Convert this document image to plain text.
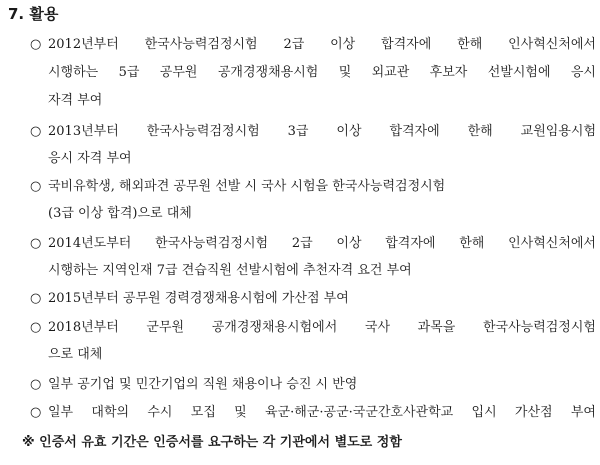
7. 활용
○ 2012년부터 한국사능력검정시험 2급 이상 합격자에 한해 인사혁신처에서
시행하는 5급 공무원 공개경쟁채용시험 및 외교관 후보자 선발시험에 응시
자격 부여
○ 2013년부터 한국사능력검정시험 3급 이상 합격자에 한해 교원임용시험
응시 자격 부여
○ 국비유학생, 해외파견 공무원 선발 시 국사 시험을 한국사능력검정시험
(3급 이상 합격)으로 대체
○ 2014년도부터 한국사능력검정시험 2급 이상 합격자에 한해 인사혁신처에서
시행하는 지역인재 7급 견습직원 선발시험에 추천자격 요건 부여
○ 2015년부터 공무원 경력경쟁채용시험에 가산점 부여
○ 2018년부터 군무원 공개경쟁채용시험에서 국사 과목을 한국사능력검정시험
으로 대체
○ 일부 공기업 및 민간기업의 직원 채용이나 승진 시 반영
○ 일부 대학의 수시 모집 및 육군·해군·공군·국군간호사관학교 입시 가산점 부여
※ 인증서 유효 기간은 인증서를 요구하는 각 기관에서 별도로 정함
